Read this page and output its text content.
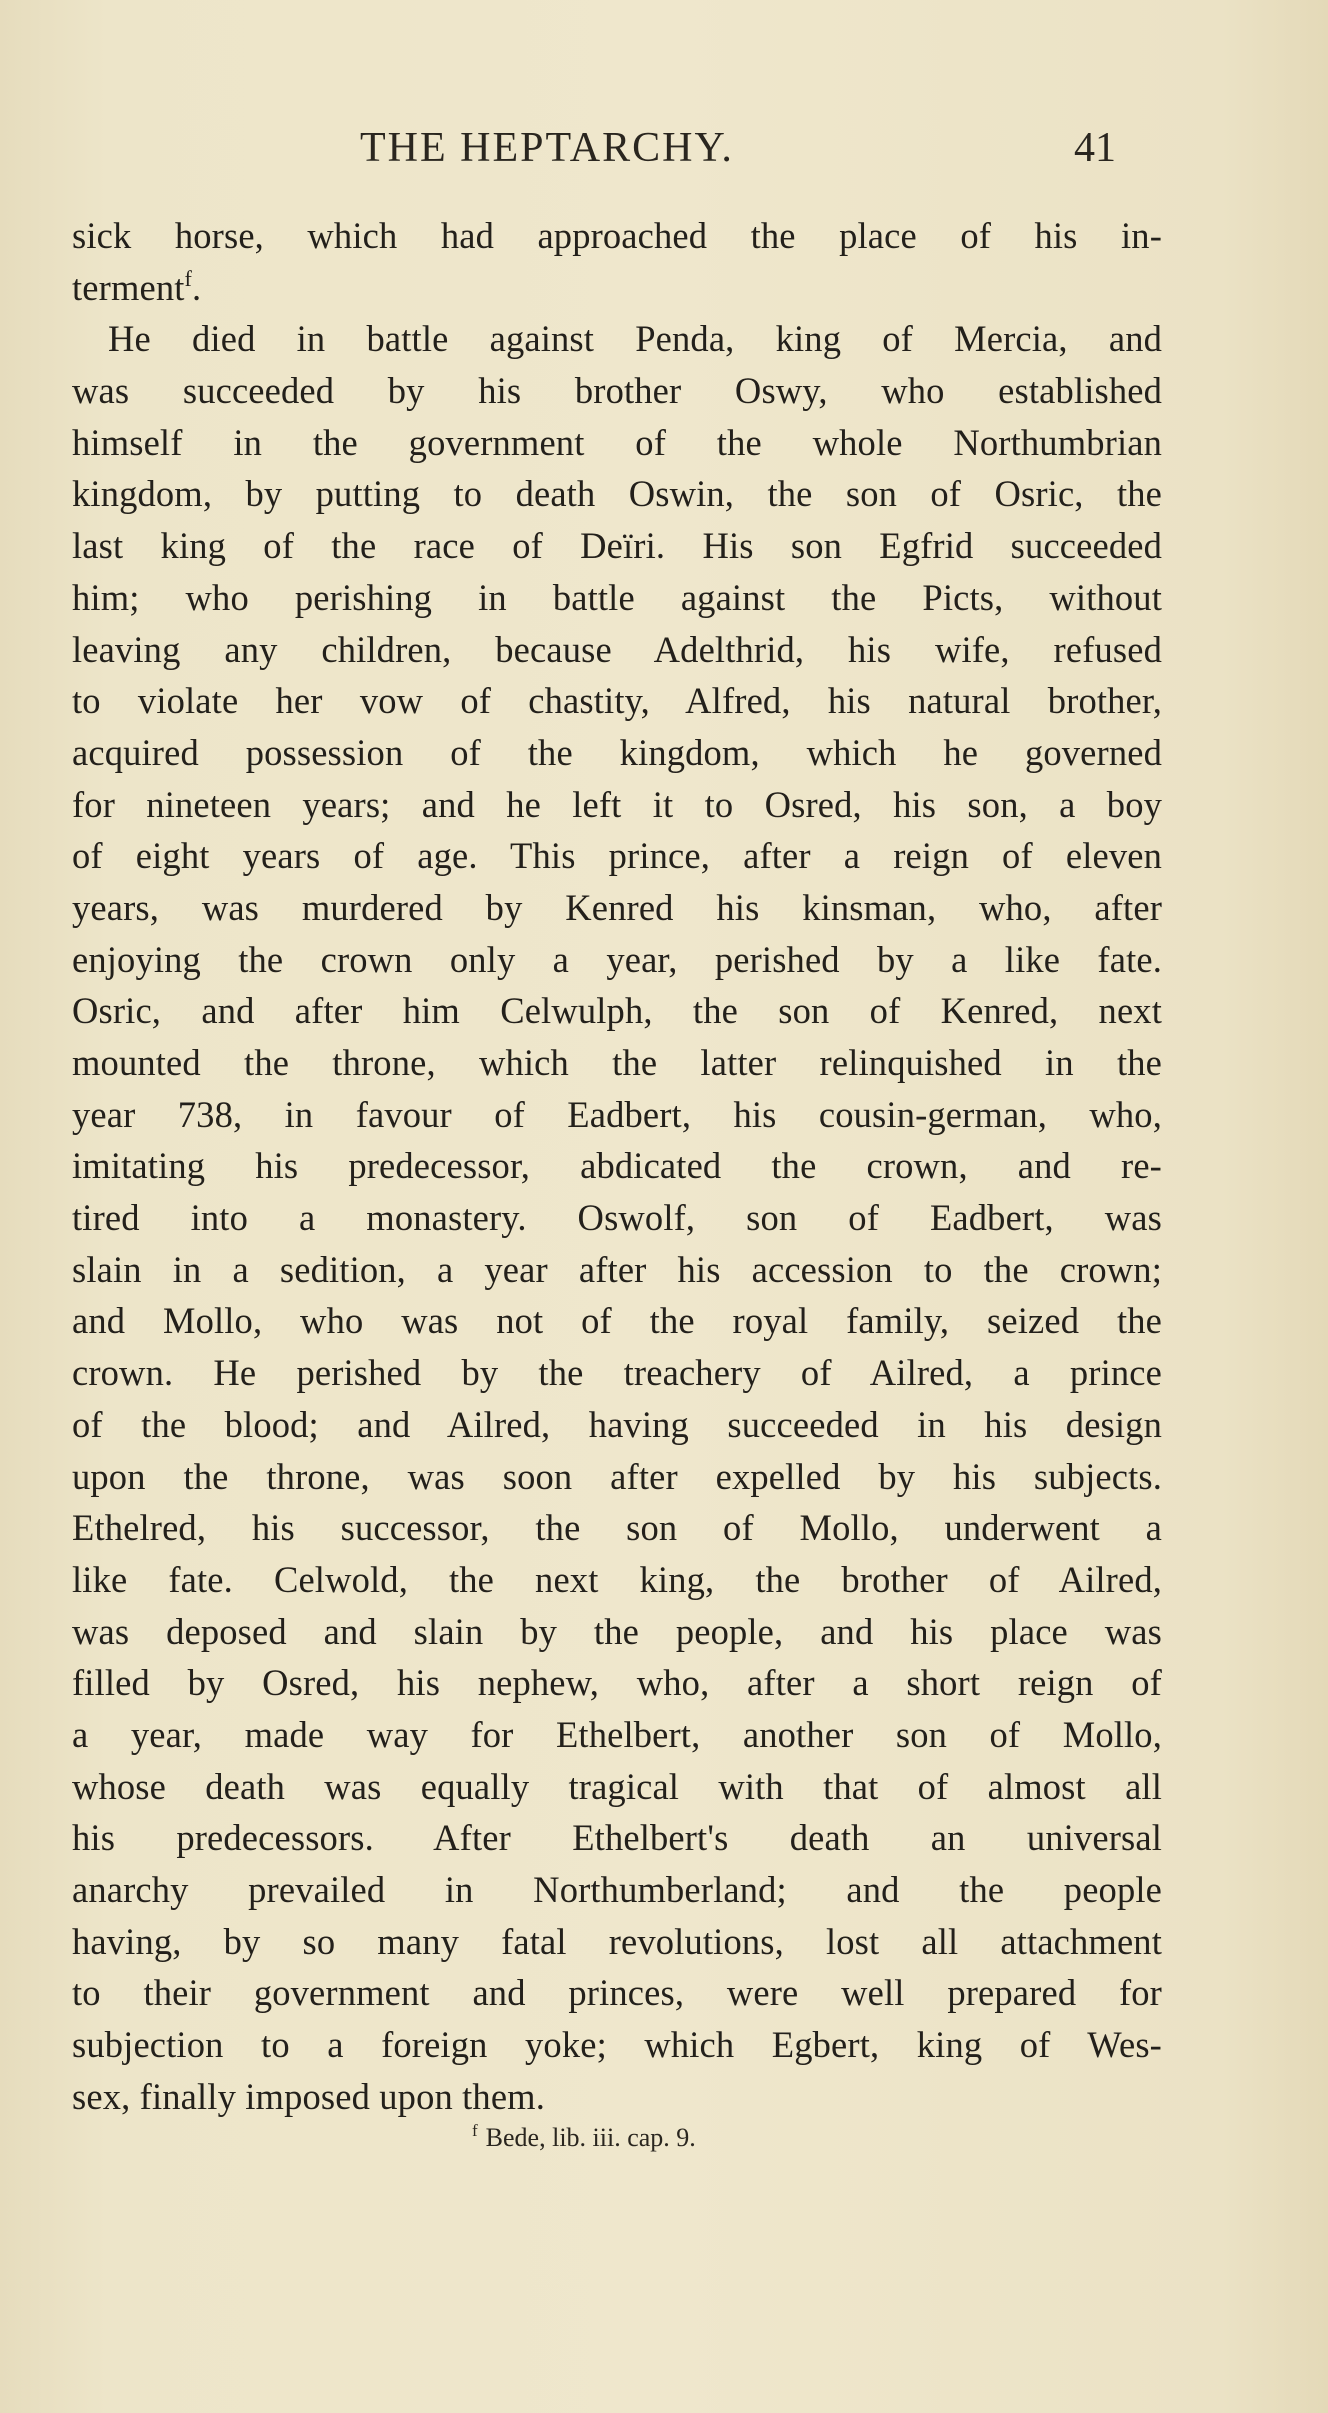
THE HEPTARCHY.	41
sick horse, which had approached the place of his in-
terment$^f$.
He died in battle against Penda, king of Mercia, and
was succeeded by his brother Oswy, who established
himself in the government of the whole Northumbrian
kingdom, by putting to death Oswin, the son of Osric, the
last king of the race of Deïri. His son Egfrid succeeded
him; who perishing in battle against the Picts, without
leaving any children, because Adelthrid, his wife, refused
to violate her vow of chastity, Alfred, his natural brother,
acquired possession of the kingdom, which he governed
for nineteen years; and he left it to Osred, his son, a boy
of eight years of age. This prince, after a reign of eleven
years, was murdered by Kenred his kinsman, who, after
enjoying the crown only a year, perished by a like fate.
Osric, and after him Celwulph, the son of Kenred, next
mounted the throne, which the latter relinquished in the
year 738, in favour of Eadbert, his cousin-german, who,
imitating his predecessor, abdicated the crown, and re-
tired into a monastery. Oswolf, son of Eadbert, was
slain in a sedition, a year after his accession to the crown;
and Mollo, who was not of the royal family, seized the
crown. He perished by the treachery of Ailred, a prince
of the blood; and Ailred, having succeeded in his design
upon the throne, was soon after expelled by his subjects.
Ethelred, his successor, the son of Mollo, underwent a
like fate. Celwold, the next king, the brother of Ailred,
was deposed and slain by the people, and his place was
filled by Osred, his nephew, who, after a short reign of
a year, made way for Ethelbert, another son of Mollo,
whose death was equally tragical with that of almost all
his predecessors. After Ethelbert's death an universal
anarchy prevailed in Northumberland; and the people
having, by so many fatal revolutions, lost all attachment
to their government and princes, were well prepared for
subjection to a foreign yoke; which Egbert, king of Wes-
sex, finally imposed upon them.
$^f$ Bede, lib. iii. cap. 9.
